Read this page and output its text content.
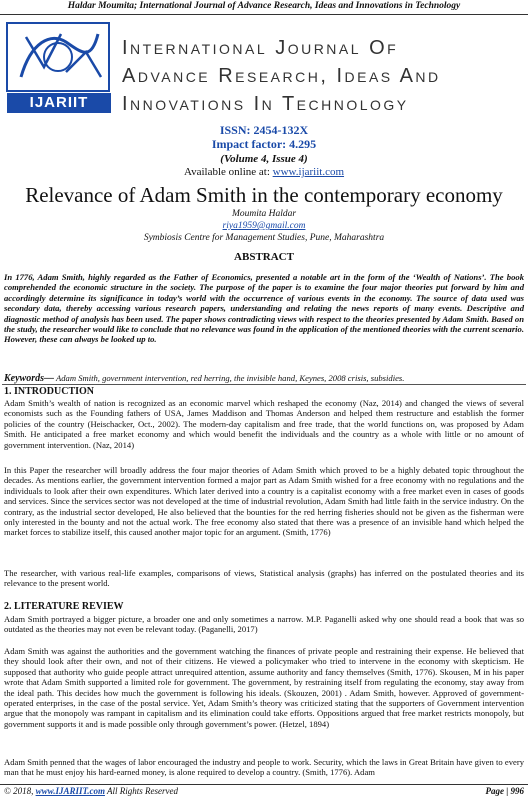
Haldar Moumita; International Journal of Advance Research, Ideas and Innovations in Technology
IJARIIT
International Journal Of
Advance Research, Ideas And
Innovations In Technology
ISSN: 2454-132X
Impact factor: 4.295
(Volume 4, Issue 4)
Available online at: www.ijariit.com
Relevance of Adam Smith in the contemporary economy
Moumita Haldar
riya1959@gmail.com
Symbiosis Centre for Management Studies, Pune, Maharashtra
ABSTRACT
In 1776, Adam Smith, highly regarded as the Father of Economics, presented a notable art in the form of the ‘Wealth of Nations’. The book comprehended the economic structure in the society. The purpose of the paper is to examine the four major theories put forward by him and accordingly determine its significance in today’s world with the occurrence of various events in the economy. The source of data used was secondary data, thereby accessing various research papers, understanding and relating the news reports of many events. Descriptive and diagnostic method of analysis has been used. The paper shows contradicting views with respect to the theories presented by Adam Smith. Based on the study, the researcher would like to conclude that no relevance was found in the application of the mentioned theories with the current scenario. However, these can always be looked up to.
Keywords— Adam Smith, government intervention, red herring, the invisible hand, Keynes, 2008 crisis, subsidies.
1. INTRODUCTION
Adam Smith’s wealth of nation is recognized as an economic marvel which reshaped the economy (Naz, 2014) and changed the views of several economists such as the Founding fathers of USA, James Maddison and Thomas Anderson and helped them restructure and establish the former policies of the country (Heischacker, Oct., 2002). The modern-day capitalism and free trade, that the world functions on, was proposed by Adam Smith. He anticipated a free market economy and which would benefit the individuals and the country as a whole with little or no amount of government intervention. (Naz, 2014)
In this Paper the researcher will broadly address the four major theories of Adam Smith which proved to be a highly debated topic throughout the decades. As mentions earlier, the government intervention formed a major part as Adam Smith wished for a free economy with no regulations and the individuals to look after their own expenditures. Which later derived into a country is a capitalist economy with a free market even in cases of goods and services. Since the services sector was not developed at the time of industrial revolution, Adam Smith had little faith in the service industry. On the contrary, as the industrial sector developed, He also believed that the bounties for the red herring fisheries should not be given as the fisherman were only interested in the bounty and not the actual work. The free economy also stated that there was a presence of an invisible hand which helped the market forces to stabilize itself, this caused another major topic for an argument. (Smith, 1776)
The researcher, with various real-life examples, comparisons of views, Statistical analysis (graphs) has inferred on the postulated theories and its relevance to the present world.
2. LITERATURE REVIEW
Adam Smith portrayed a bigger picture, a broader one and only sometimes a narrow. M.P. Paganelli asked why one should read a book that was so outdated as the theories may not even be relevant today. (Paganelli, 2017)
Adam Smith was against the authorities and the government watching the finances of private people and restraining their expense. He believed that they should look after their own, and not of their citizens. He viewed a policymaker who tried to intervene in the economy with skepticism. He supposed that authority who guide people attract unrequired attention, assume authority and fancy themselves (Smith, 1776). Skousen, M in his paper wrote that Adam Smith supported a limited role for government. The government, by restraining itself from regulating the economy, stay away from the ideal path. This decides how much the government is following his ideals. (Skouzen, 2001) . Adam Smith, however. Approved of government-operated enterprises, in the case of the postal service. Yet, Adam Smith’s theory was criticized stating that the supporters of Government intervention argue that the monopoly was rampant in capitalism and its elimination could take efforts. Oppositions argued that free market restricts monopoly, but government supports it and is made possible only through government’s power. (Hetzel, 1894)
Adam Smith penned that the wages of labor encouraged the industry and people to work. Security, which the laws in Great Britain have given to every man that he must enjoy his hard-earned money, is alone required to develop a country. (Smith, 1776). Adam
© 2018, www.IJARIIT.com All Rights Reserved	Page | 996
